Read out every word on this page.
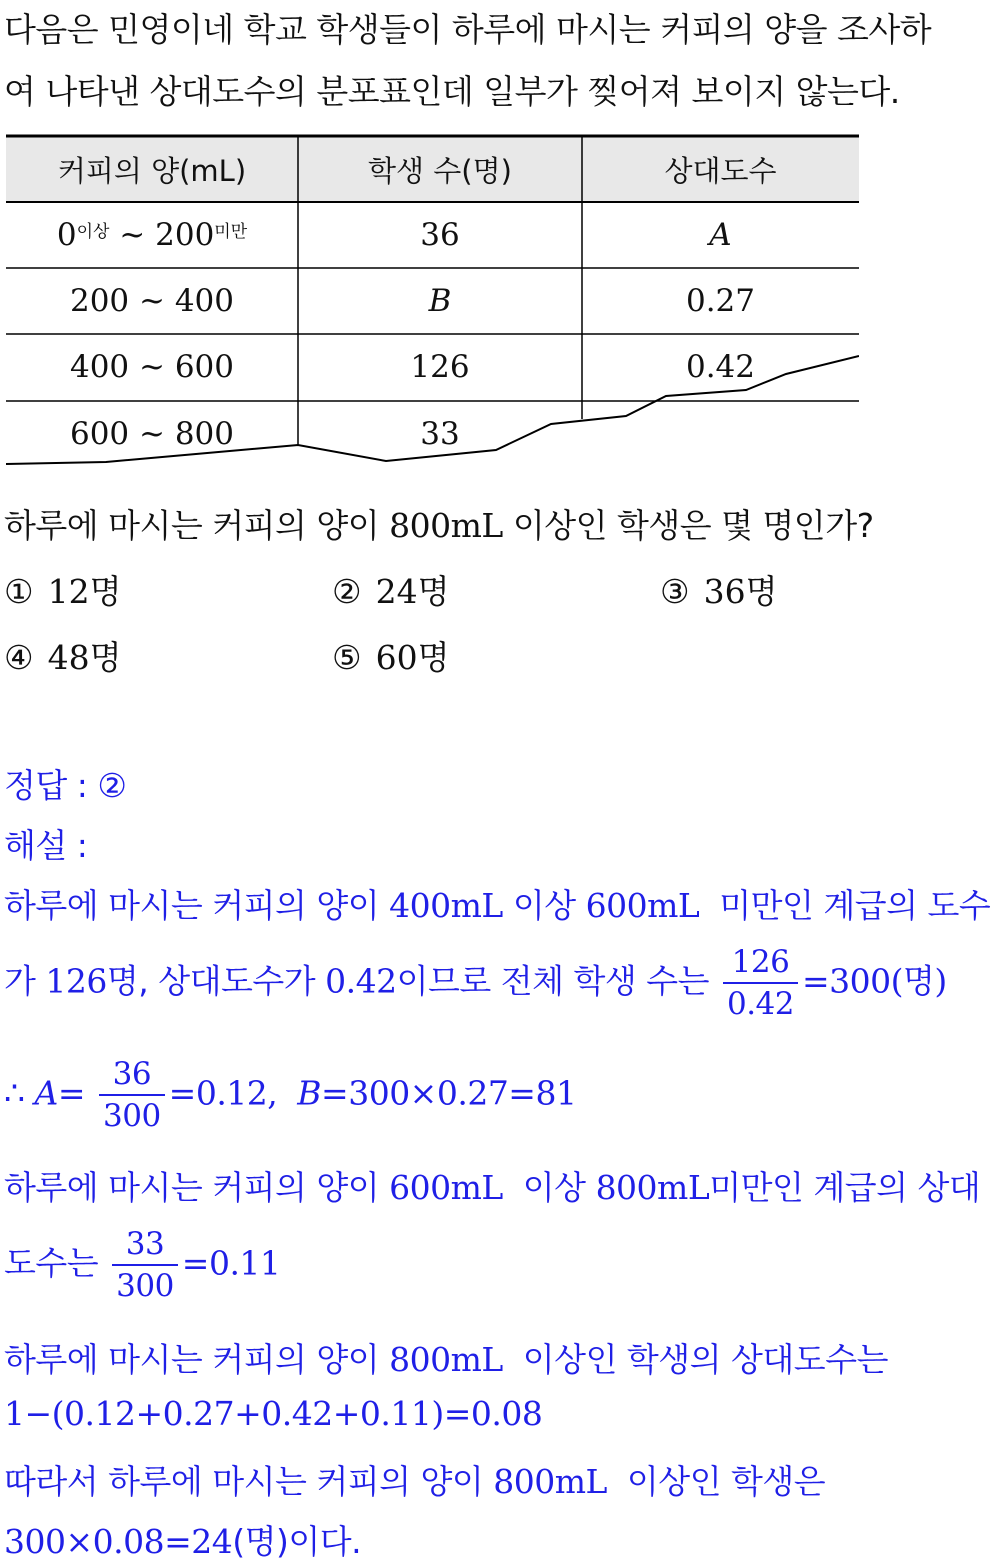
다음은 민영이네 학교 학생들이 하루에 마시는 커피의 양을 조사하
여 나타낸 상대도수의 분포표인데 일부가 찢어져 보이지 않는다.
커피의 양(mL)	학생 수(명)	상대도수
$0^{이상}$ ~ $200^{미만}$	36	A
200 ~ 400	B	0.27
400 ~ 600	126	0.42
600 ~ 800	33
하루에 마시는 커피의 양이 800mL 이상인 학생은 몇 명인가?
① 12명	② 24명	③ 36명
④ 48명	⑤ 60명
정답 : ②
해설 :
하루에 마시는 커피의 양이 400mL 이상 600mL  미만인 계급의 도수
가 126명, 상대도수가 0.42이므로 전체 학생 수는 $\frac{126}{0.42} =300$(명)
∴ $A= \frac{36}{300} =0.12$,  B=300×0.27=81
하루에 마시는 커피의 양이 600mL  이상 800mL미만인 계급의 상대
도수는 $\frac{33}{300} =0.11$
하루에 마시는 커피의 양이 800mL  이상인 학생의 상대도수는
1−(0.12+0.27+0.42+0.11)=0.08
따라서 하루에 마시는 커피의 양이 800mL  이상인 학생은
300×0.08=24(명)이다.
